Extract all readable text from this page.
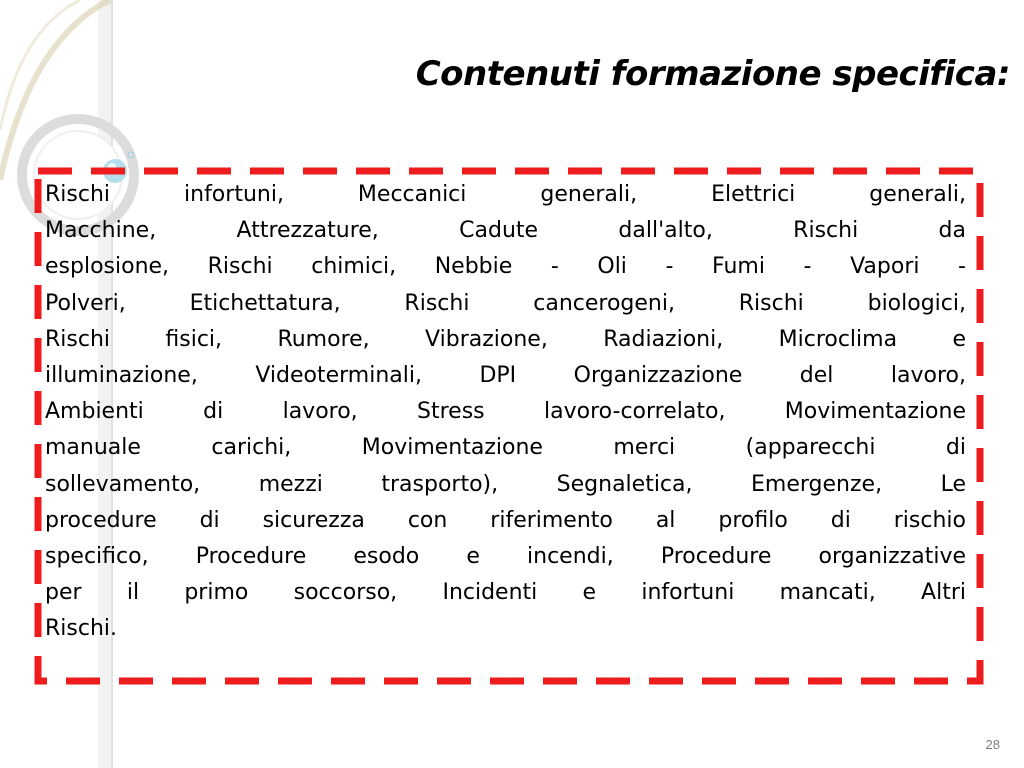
Contenuti formazione specifica:
Rischi infortuni, Meccanici generali, Elettrici generali,
Macchine, Attrezzature, Cadute dall'alto, Rischi da
esplosione, Rischi chimici, Nebbie - Oli - Fumi - Vapori -
Polveri, Etichettatura, Rischi cancerogeni, Rischi biologici,
Rischi fisici, Rumore, Vibrazione, Radiazioni, Microclima e
illuminazione, Videoterminali, DPI Organizzazione del lavoro,
Ambienti di lavoro, Stress lavoro-correlato, Movimentazione
manuale carichi, Movimentazione merci (apparecchi di
sollevamento, mezzi trasporto), Segnaletica, Emergenze, Le
procedure di sicurezza con riferimento al profilo di rischio
specifico, Procedure esodo e incendi, Procedure organizzative
per il primo soccorso, Incidenti e infortuni mancati, Altri
Rischi.
28
